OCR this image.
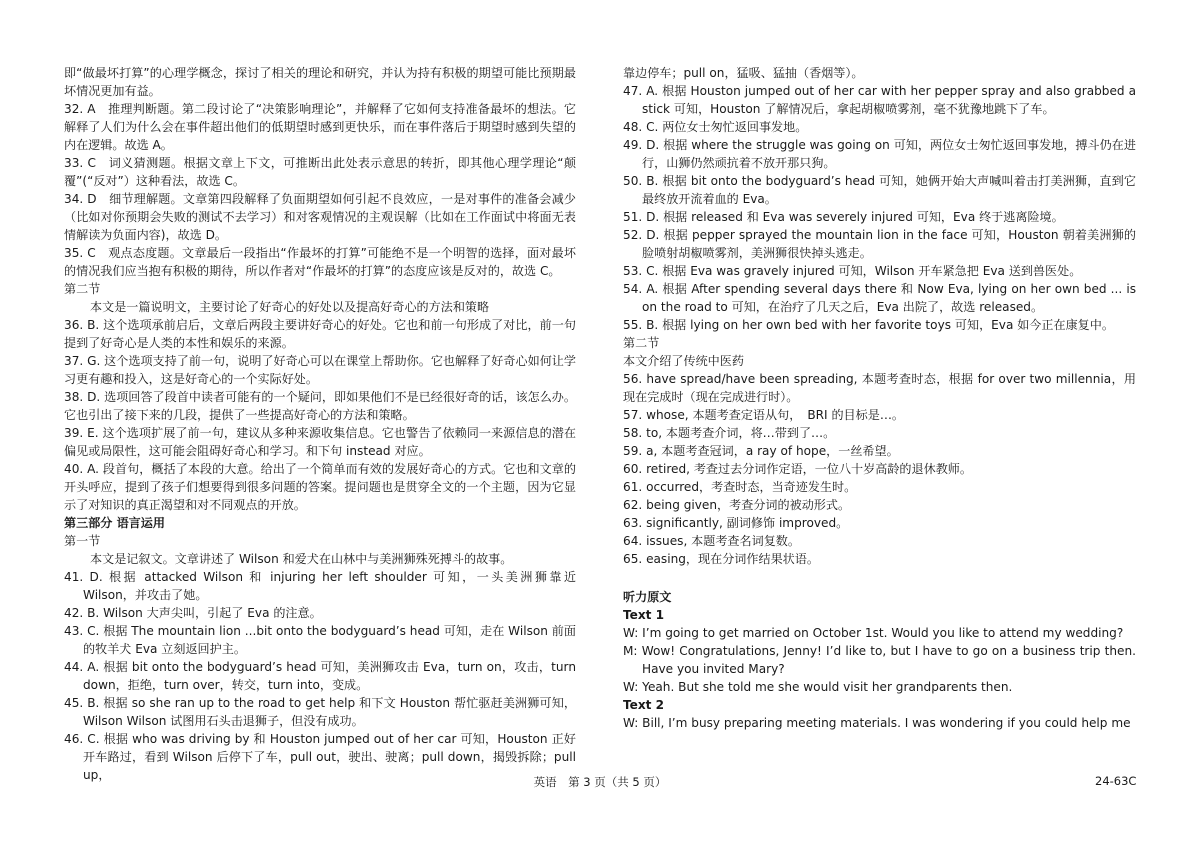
即“做最坏打算”的心理学概念，探讨了相关的理论和研究，并认为持有积极的期望可能比预期最坏情况更加有益。
32. A　推理判断题。第二段讨论了“决策影响理论”，并解释了它如何支持准备最坏的想法。它解释了人们为什么会在事件超出他们的低期望时感到更快乐，而在事件落后于期望时感到失望的内在逻辑。故选 A。
33. C　词义猜测题。根据文章上下文，可推断出此处表示意思的转折，即其他心理学理论“颠覆”(“反对”）这种看法，故选 C。
34. D　细节理解题。文章第四段解释了负面期望如何引起不良效应，一是对事件的准备会减少（比如对你预期会失败的测试不去学习）和对客观情况的主观误解（比如在工作面试中将面无表情解读为负面内容)，故选 D。
35. C　观点态度题。文章最后一段指出“作最坏的打算”可能绝不是一个明智的选择，面对最坏的情况我们应当抱有积极的期待，所以作者对“作最坏的打算”的态度应该是反对的，故选 C。
第二节
本文是一篇说明文，主要讨论了好奇心的好处以及提高好奇心的方法和策略
36. B. 这个选项承前启后，文章后两段主要讲好奇心的好处。它也和前一句形成了对比，前一句提到了好奇心是人类的本性和娱乐的来源。
37. G. 这个选项支持了前一句，说明了好奇心可以在课堂上帮助你。它也解释了好奇心如何让学习更有趣和投入，这是好奇心的一个实际好处。
38. D. 选项回答了段首中读者可能有的一个疑问，即如果他们不是已经很好奇的话，该怎么办。它也引出了接下来的几段，提供了一些提高好奇心的方法和策略。
39. E. 这个选项扩展了前一句，建议从多种来源收集信息。它也警告了依赖同一来源信息的潜在偏见或局限性，这可能会阻碍好奇心和学习。和下句 instead 对应。
40. A. 段首句，概括了本段的大意。给出了一个简单而有效的发展好奇心的方式。它也和文章的开头呼应，提到了孩子们想要得到很多问题的答案。提问题也是贯穿全文的一个主题，因为它显示了对知识的真正渴望和对不同观点的开放。
第三部分 语言运用
第一节
本文是记叙文。文章讲述了 Wilson 和爱犬在山林中与美洲狮殊死搏斗的故事。
41. D. 根据 attacked Wilson 和 injuring her left shoulder 可知，一头美洲狮靠近 Wilson，并攻击了她。
42. B. Wilson 大声尖叫，引起了 Eva 的注意。
43. C. 根据 The mountain lion ...bit onto the bodyguard’s head 可知，走在 Wilson 前面的牧羊犬 Eva 立刻返回护主。
44. A. 根据 bit onto the bodyguard’s head 可知，美洲狮攻击 Eva，turn on，攻击，turn down，拒绝，turn over，转交，turn into，变成。
45. B. 根据 so she ran up to the road to get help 和下文 Houston 帮忙驱赶美洲狮可知，Wilson Wilson 试图用石头击退狮子，但没有成功。
46. C. 根据 who was driving by 和 Houston jumped out of her car 可知，Houston 正好开车路过，看到 Wilson 后停下了车，pull out，驶出、驶离；pull down，揭毁拆除；pull up，
靠边停车；pull on，猛吸、猛抽（香烟等）。
47. A. 根据 Houston jumped out of her car with her pepper spray and also grabbed a stick 可知，Houston 了解情况后，拿起胡椒喷雾剂，毫不犹豫地跳下了车。
48. C. 两位女士匆忙返回事发地。
49. D. 根据 where the struggle was going on 可知，两位女士匆忙返回事发地，搏斗仍在进行，山狮仍然顽抗着不放开那只狗。
50. B. 根据 bit onto the bodyguard’s head 可知，她俩开始大声喊叫着击打美洲狮，直到它最终放开流着血的 Eva。
51. D. 根据 released 和 Eva was severely injured 可知，Eva 终于逃离险境。
52. D. 根据 pepper sprayed the mountain lion in the face 可知，Houston 朝着美洲狮的脸喷射胡椒喷雾剂，美洲狮很快掉头逃走。
53. C. 根据 Eva was gravely injured 可知，Wilson 开车紧急把 Eva 送到兽医处。
54. A. 根据 After spending several days there 和 Now Eva, lying on her own bed ... is on the road to 可知，在治疗了几天之后，Eva 出院了，故选 released。
55. B. 根据 lying on her own bed with her favorite toys 可知，Eva 如今正在康复中。
第二节
本文介绍了传统中医药
56. have spread/have been spreading, 本题考查时态，根据 for over two millennia，用现在完成时（现在完成进行时）。
57. whose, 本题考查定语从句，　BRI 的目标是…。
58. to, 本题考查介词，将…带到了…。
59. a, 本题考查冠词，a ray of hope，一丝希望。
60. retired, 考查过去分词作定语，一位八十岁高龄的退休教师。
61. occurred，考查时态，当奇迹发生时。
62. being given，考查分词的被动形式。
63. significantly, 副词修饰 improved。
64. issues, 本题考查名词复数。
65. easing，现在分词作结果状语。
听力原文
Text 1
W: I’m going to get married on October 1st. Would you like to attend my wedding?
M: Wow! Congratulations, Jenny! I’d like to, but I have to go on a business trip then. Have you invited Mary?
W: Yeah. But she told me she would visit her grandparents then.
Text 2
W: Bill, I’m busy preparing meeting materials. I was wondering if you could help me
英语　第 3 页（共 5 页）	24-63C
